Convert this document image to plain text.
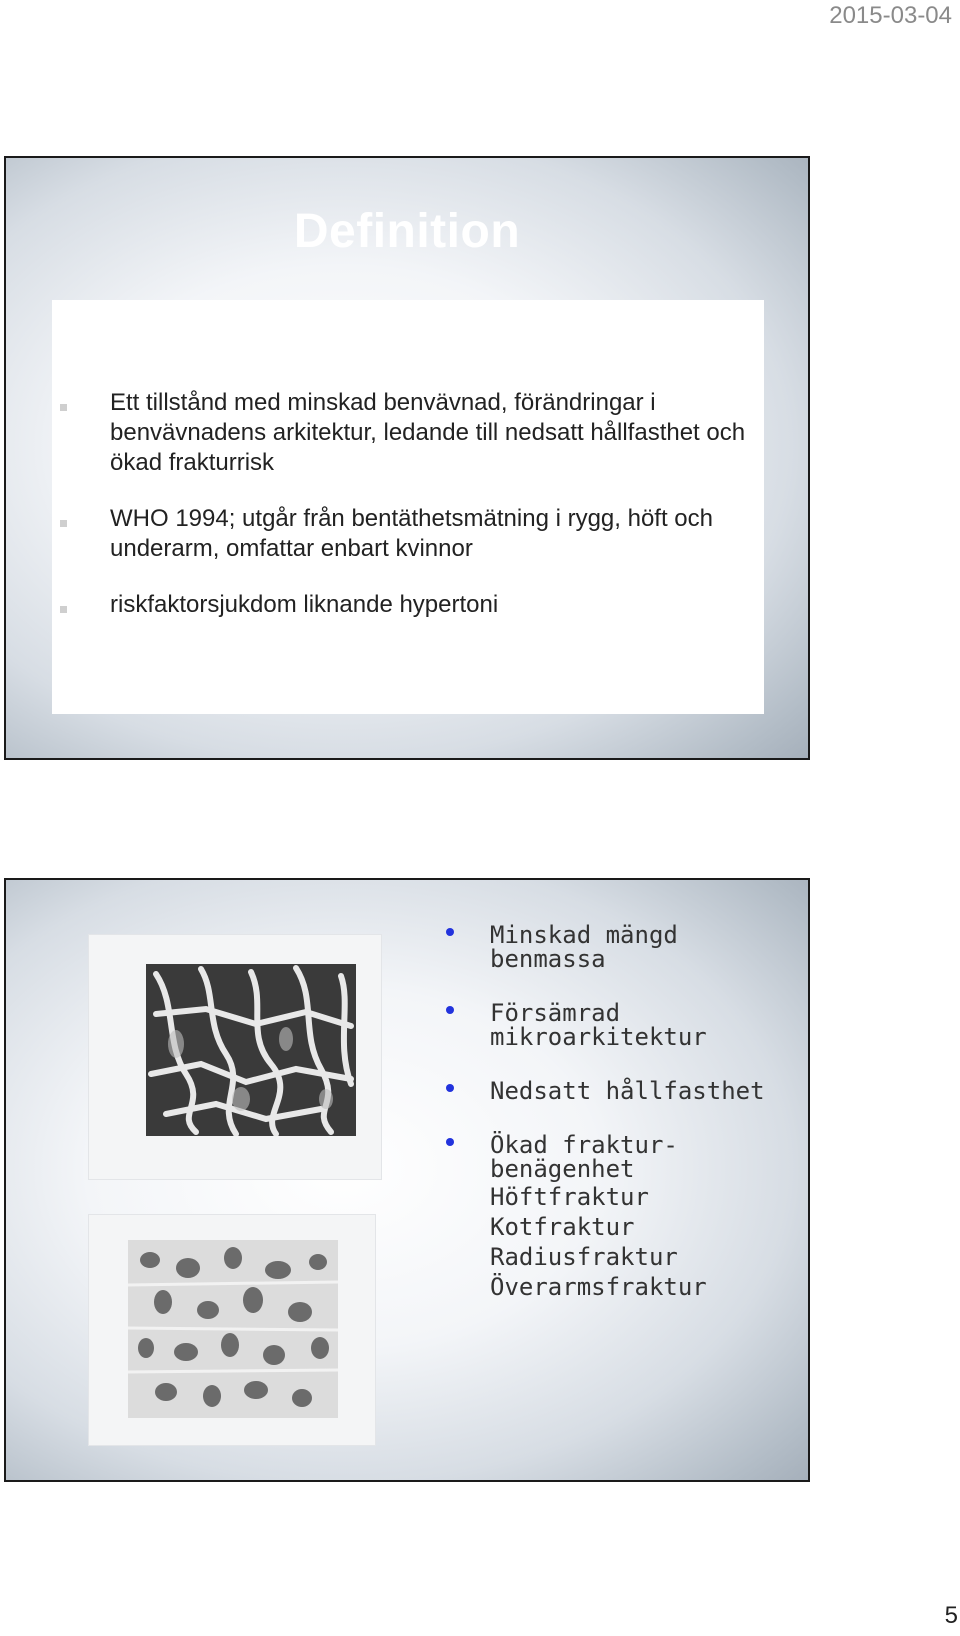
2015-03-04
Definition
Ett tillstånd med minskad benvävnad, förändringar i benvävnadens arkitektur, ledande till nedsatt hållfasthet och ökad frakturrisk
WHO 1994; utgår från bentäthetsmätning i rygg, höft och underarm, omfattar enbart kvinnor
riskfaktorsjukdom liknande hypertoni
Minskad mängd benmassa
Försämrad mikroarkitektur
Nedsatt hållfasthet
Ökad fraktur-benägenhet
Höftfraktur
Kotfraktur
Radiusfraktur
Överarmsfraktur
5
